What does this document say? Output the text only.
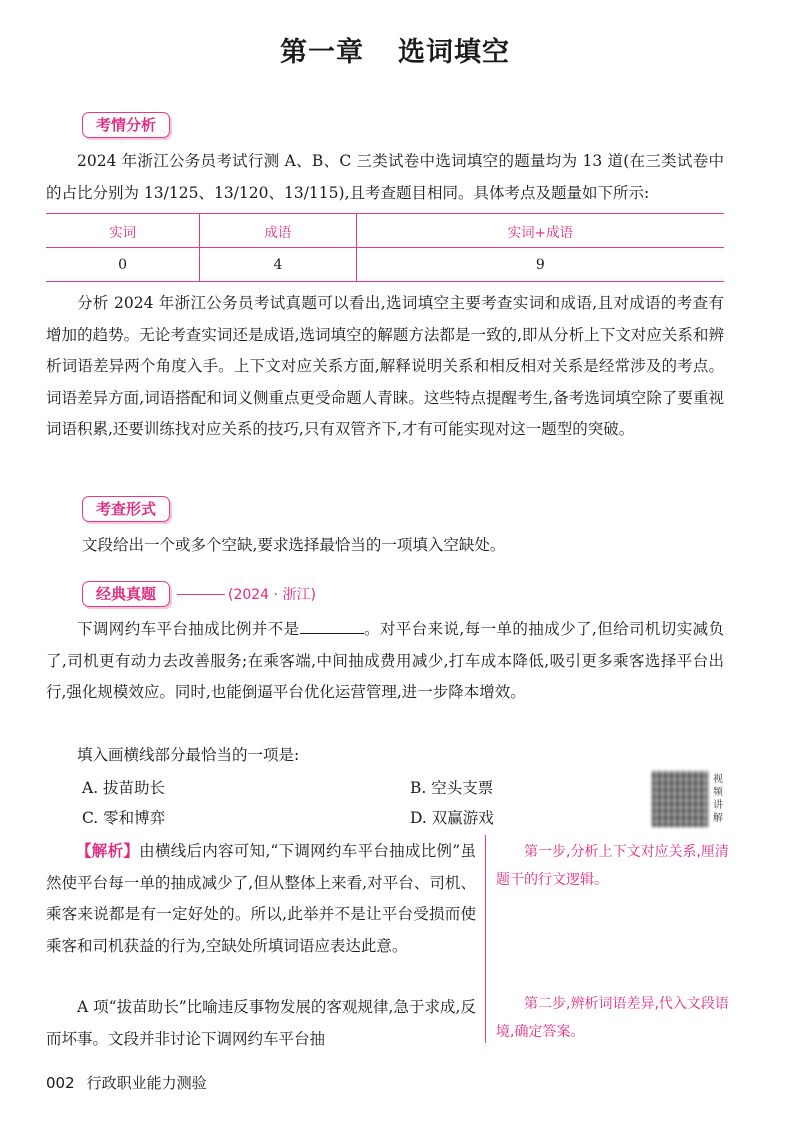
第一章 选词填空
考情分析

2024 年浙江公务员考试行测 A、B、C 三类试卷中选词填空的题量均为 13 道(在三类试卷中的占比分别为 13/125、13/120、13/115),且考查题目相同。具体考点及题量如下所示:

实词	成语	实词+成语
0	4	9

分析 2024 年浙江公务员考试真题可以看出,选词填空主要考查实词和成语,且对成语的考查有增加的趋势。无论考查实词还是成语,选词填空的解题方法都是一致的,即从分析上下文对应关系和辨析词语差异两个角度入手。上下文对应关系方面,解释说明关系和相反相对关系是经常涉及的考点。词语差异方面,词语搭配和词义侧重点更受命题人青睐。这些特点提醒考生,备考选词填空除了要重视词语积累,还要训练找对应关系的技巧,只有双管齐下,才有可能实现对这一题型的突破。

考查形式

文段给出一个或多个空缺,要求选择最恰当的一项填入空缺处。

经典真题	(2024 · 浙江)

下调网约车平台抽成比例并不是	。对平台来说,每一单的抽成少了,但给司机切实减负了,司机更有动力去改善服务;在乘客端,中间抽成费用减少,打车成本降低,吸引更多乘客选择平台出行,强化规模效应。同时,也能倒逼平台优化运营管理,进一步降本增效。

填入画横线部分最恰当的一项是:

A. 拔苗助长	B. 空头支票
C. 零和博弈	D. 双赢游戏
视频讲解

【解析】由横线后内容可知,“下调网约车平台抽成比例”虽然使平台每一单的抽成减少了,但从整体上来看,对平台、司机、乘客来说都是有一定好处的。所以,此举并不是让平台受损而使乘客和司机获益的行为,空缺处所填词语应表达此意。

A 项“拔苗助长”比喻违反事物发展的客观规律,急于求成,反而坏事。文段并非讨论下调网约车平台抽

第一步,分析上下文对应关系,厘清题干的行文逻辑。
第二步,辨析词语差异,代入文段语境,确定答案。
002 行政职业能力测验
